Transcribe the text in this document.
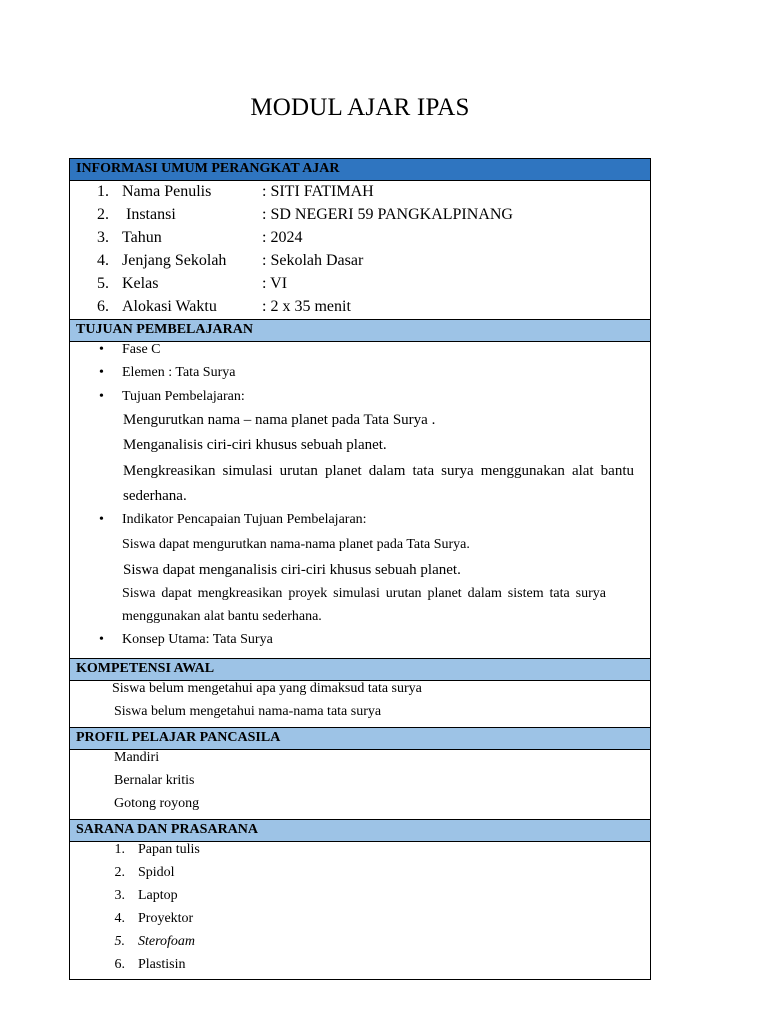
MODUL AJAR IPAS
INFORMASI UMUM PERANGKAT AJAR
1. Nama Penulis	: SITI FATIMAH
2. Instansi	: SD NEGERI 59 PANGKALPINANG
3. Tahun	: 2024
4. Jenjang Sekolah : Sekolah Dasar
5. Kelas	: VI
6. Alokasi Waktu	: 2 x 35 menit
TUJUAN PEMBELAJARAN
• Fase C
• Elemen : Tata Surya
• Tujuan Pembelajaran:
Mengurutkan nama – nama planet pada Tata Surya .
Menganalisis ciri-ciri khusus sebuah planet.
Mengkreasikan simulasi urutan planet dalam tata surya menggunakan alat bantu
sederhana.
• Indikator Pencapaian Tujuan Pembelajaran:
Siswa dapat mengurutkan nama-nama planet pada Tata Surya.
Siswa dapat menganalisis ciri-ciri khusus sebuah planet.
Siswa dapat mengkreasikan proyek simulasi urutan planet dalam sistem tata surya
menggunakan alat bantu sederhana.
• Konsep Utama: Tata Surya
KOMPETENSI AWAL
Siswa belum mengetahui apa yang dimaksud tata surya
Siswa belum mengetahui nama-nama tata surya
PROFIL PELAJAR PANCASILA
Mandiri
Bernalar kritis
Gotong royong
SARANA DAN PRASARANA
1. Papan tulis
2. Spidol
3. Laptop
4. Proyektor
5. Sterofoam
6. Plastisin
